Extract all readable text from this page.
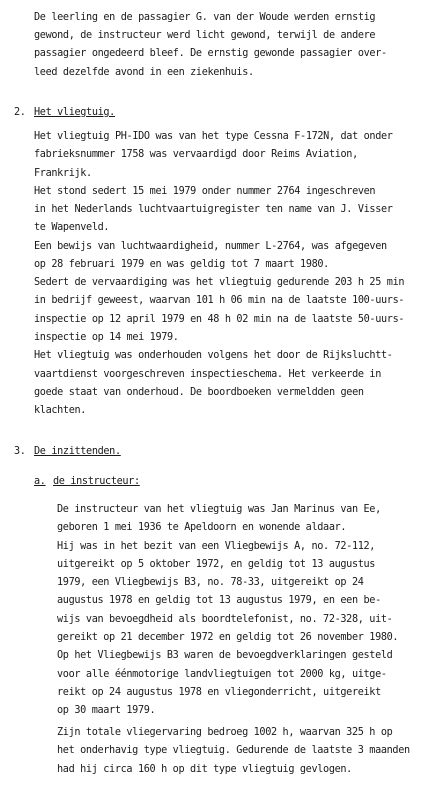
De leerling en de passagier G. van der Woude werden ernstig
gewond, de instructeur werd licht gewond, terwijl de andere
passagier ongedeerd bleef. De ernstig gewonde passagier over-
leed dezelfde avond in een ziekenhuis.
2. Het vliegtuig.
Het vliegtuig PH-IDO was van het type Cessna F-172N, dat onder
fabrieksnummer 1758 was vervaardigd door Reims Aviation,
Frankrijk.
Het stond sedert 15 mei 1979 onder nummer 2764 ingeschreven
in het Nederlands luchtvaartuigregister ten name van J. Visser
te Wapenveld.
Een bewijs van luchtwaardigheid, nummer L-2764, was afgegeven
op 28 februari 1979 en was geldig tot 7 maart 1980.
Sedert de vervaardiging was het vliegtuig gedurende 203 h 25 min
in bedrijf geweest, waarvan 101 h 06 min na de laatste 100-uurs-
inspectie op 12 april 1979 en 48 h 02 min na de laatste 50-uurs-
inspectie op 14 mei 1979.
Het vliegtuig was onderhouden volgens het door de Rijksluchtt-
vaartdienst voorgeschreven inspectieschema. Het verkeerde in
goede staat van onderhoud. De boordboeken vermeldden geen
klachten.
3. De inzittenden.
a. de instructeur:
De instructeur van het vliegtuig was Jan Marinus van Ee,
geboren 1 mei 1936 te Apeldoorn en wonende aldaar.
Hij was in het bezit van een Vliegbewijs A, no. 72-112,
uitgereikt op 5 oktober 1972, en geldig tot 13 augustus
1979, een Vliegbewijs B3, no. 78-33, uitgereikt op 24
augustus 1978 en geldig tot 13 augustus 1979, en een be-
wijs van bevoegdheid als boordtelefonist, no. 72-328, uit-
gereikt op 21 december 1972 en geldig tot 26 november 1980.
Op het Vliegbewijs B3 waren de bevoegdverklaringen gesteld
voor alle éénmotorige landvliegtuigen tot 2000 kg, uitge-
reikt op 24 augustus 1978 en vliegonderricht, uitgereikt
op 30 maart 1979.
Zijn totale vliegervaring bedroeg 1002 h, waarvan 325 h op
het onderhavig type vliegtuig. Gedurende de laatste 3 maanden
had hij circa 160 h op dit type vliegtuig gevlogen.
